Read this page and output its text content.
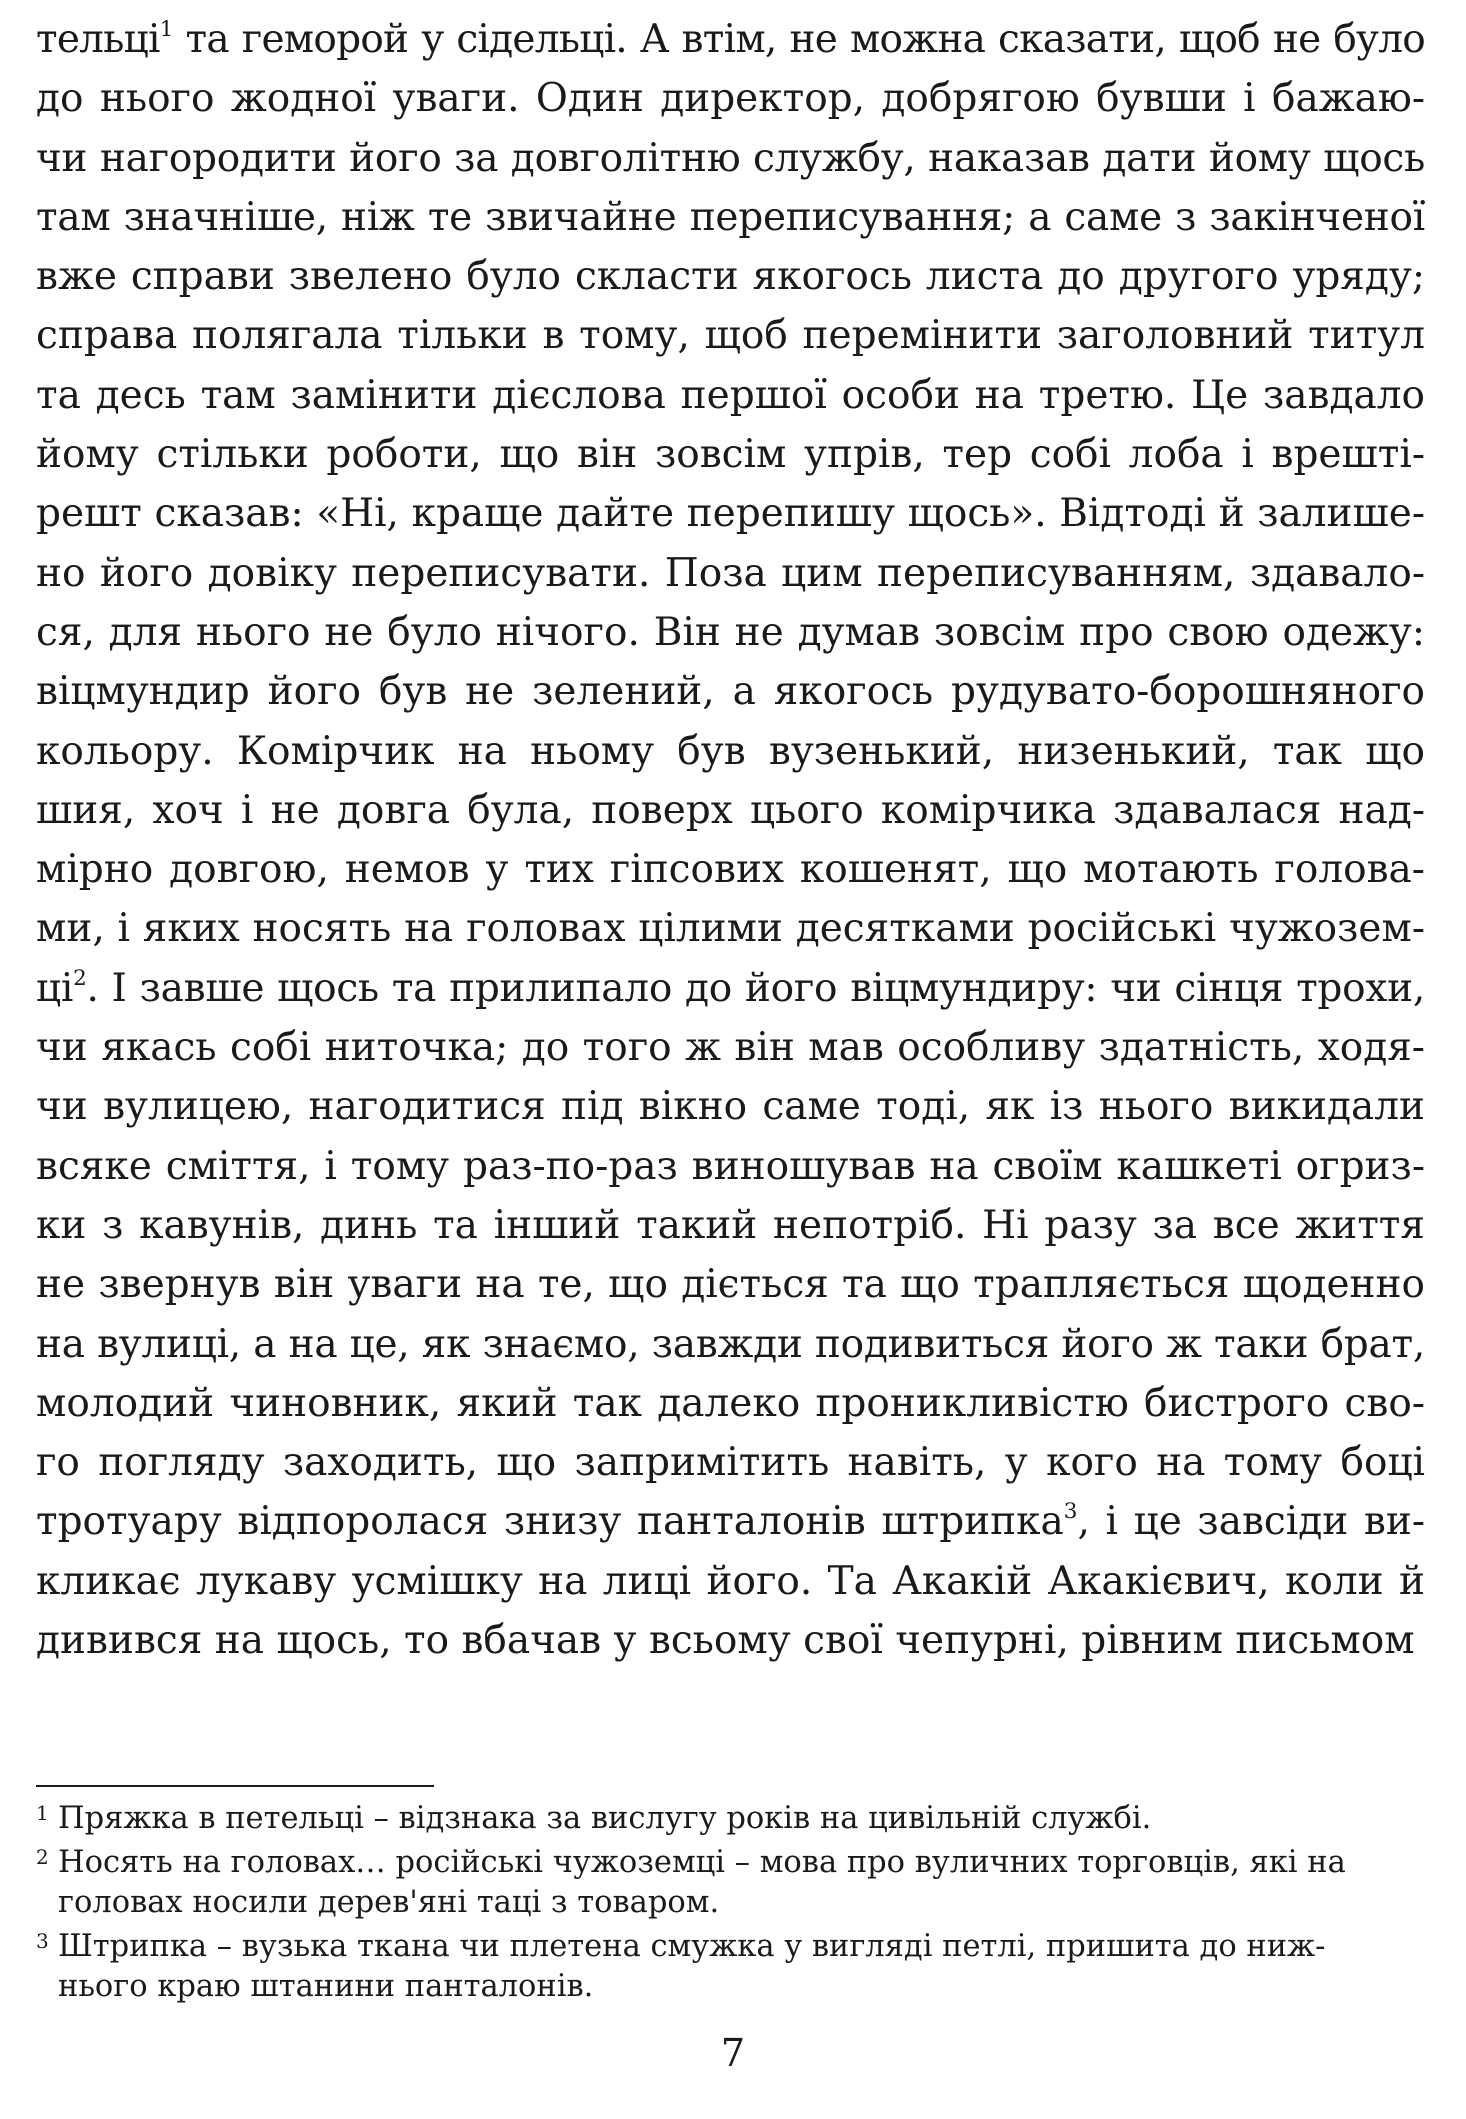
тельці$^1$ та геморой у сідельці. А втім, не можна сказати, щоб не було
до нього жодної уваги. Один директор, добрягою бувши і бажаю-
чи нагородити його за довголітню службу, наказав дати йому щось
там значніше, ніж те звичайне переписування; а саме з закінченої
вже справи звелено було скласти якогось листа до другого уряду;
справа полягала тільки в тому, щоб перемінити заголовний титул
та десь там замінити дієслова першої особи на третю. Це завдало
йому стільки роботи, що він зовсім упрів, тер собі лоба і врешті-
решт сказав: «Ні, краще дайте перепишу щось». Відтоді й залише-
но його довіку переписувати. Поза цим переписуванням, здавало-
ся, для нього не було нічого. Він не думав зовсім про свою одежу:
віцмундир його був не зелений, а якогось рудувато-борошняного
кольору. Комірчик на ньому був вузенький, низенький, так що
шия, хоч і не довга була, поверх цього комірчика здавалася над-
мірно довгою, немов у тих гіпсових кошенят, що мотають голова-
ми, і яких носять на головах цілими десятками російські чужозем-
$ці^2$. І завше щось та прилипало до його віцмундиру: чи сінця трохи,
чи якась собі ниточка; до того ж він мав особливу здатність, ходя-
чи вулицею, нагодитися під вікно саме тоді, як із нього викидали
всяке сміття, і тому раз-по-раз виношував на своїм кашкеті огриз-
ки з кавунів, динь та інший такий непотріб. Ні разу за все життя
не звернув він уваги на те, що діється та що трапляється щоденно
на вулиці, а на це, як знаємо, завжди подивиться його ж таки брат,
молодий чиновник, який так далеко проникливістю бистрого сво-
го погляду заходить, що запримітить навіть, у кого на тому боці
тротуару відпоролася знизу панталонів штрипка$^3$, і це завсіди ви-
кликає лукаву усмішку на лиці його. Та Акакій Акакієвич, коли й
дивився на щось, то вбачав у всьому свої чепурні, рівним письмом
1 Пряжка в петельці – відзнака за вислугу років на цивільній службі.
2 Носять на головах… російські чужоземці – мова про вуличних торговців, які на
головах носили дерев'яні таці з товаром.
3 Штрипка – вузька ткана чи плетена смужка у вигляді петлі, пришита до ниж-
нього краю штанини панталонів.
7
